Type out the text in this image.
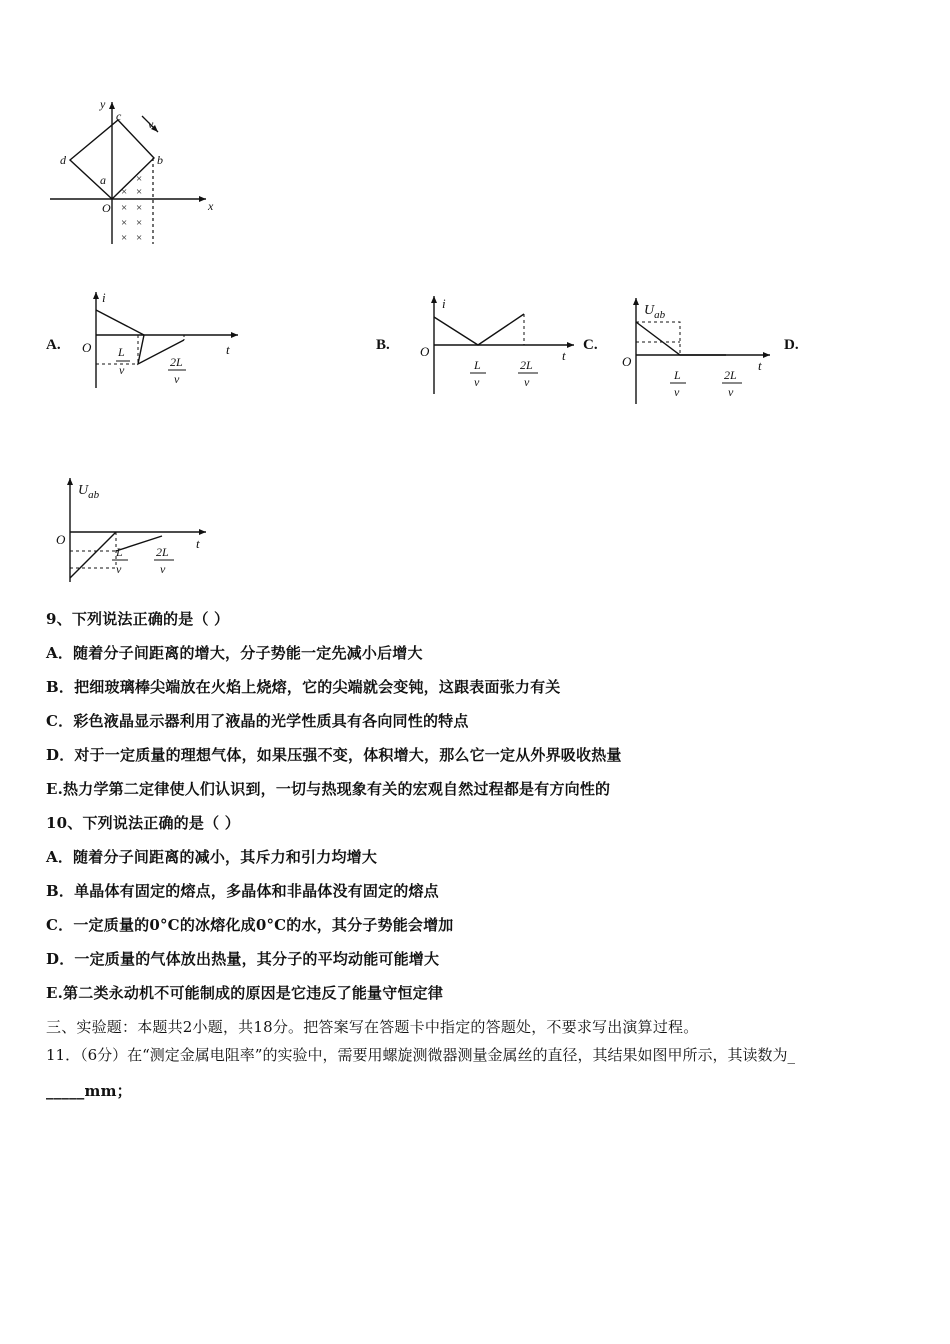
y
x
c
v
d	b
a
O
×
×
×
× ×
× ×
× ×
A.
i
O	t
L
v
2L
v
B.
i
O	t
L
v
2L
v
C.
$U_{ab}$
O	t
L
v
2L
v
D.
$U_{ab}$
O	t
L
v
2L
v
9、下列说法正确的是（ ）
A．随着分子间距离的增大，分子势能一定先减小后增大
B．把细玻璃棒尖端放在火焰上烧熔，它的尖端就会变钝，这跟表面张力有关
C．彩色液晶显示器利用了液晶的光学性质具有各向同性的特点
D．对于一定质量的理想气体，如果压强不变，体积增大，那么它一定从外界吸收热量
E.热力学第二定律使人们认识到，一切与热现象有关的宏观自然过程都是有方向性的
10、下列说法正确的是（ ）
A．随着分子间距离的减小，其斥力和引力均增大
B．单晶体有固定的熔点，多晶体和非晶体没有固定的熔点
C．一定质量的0°C的冰熔化成0°C的水，其分子势能会增加
D．一定质量的气体放出热量，其分子的平均动能可能增大
E.第二类永动机不可能制成的原因是它违反了能量守恒定律
三、实验题：本题共2小题，共18分。把答案写在答题卡中指定的答题处，不要求写出演算过程。
11．（6分）在“测定金属电阻率”的实验中，需要用螺旋测微器测量金属丝的直径，其结果如图甲所示，其读数为_
_____mm；
